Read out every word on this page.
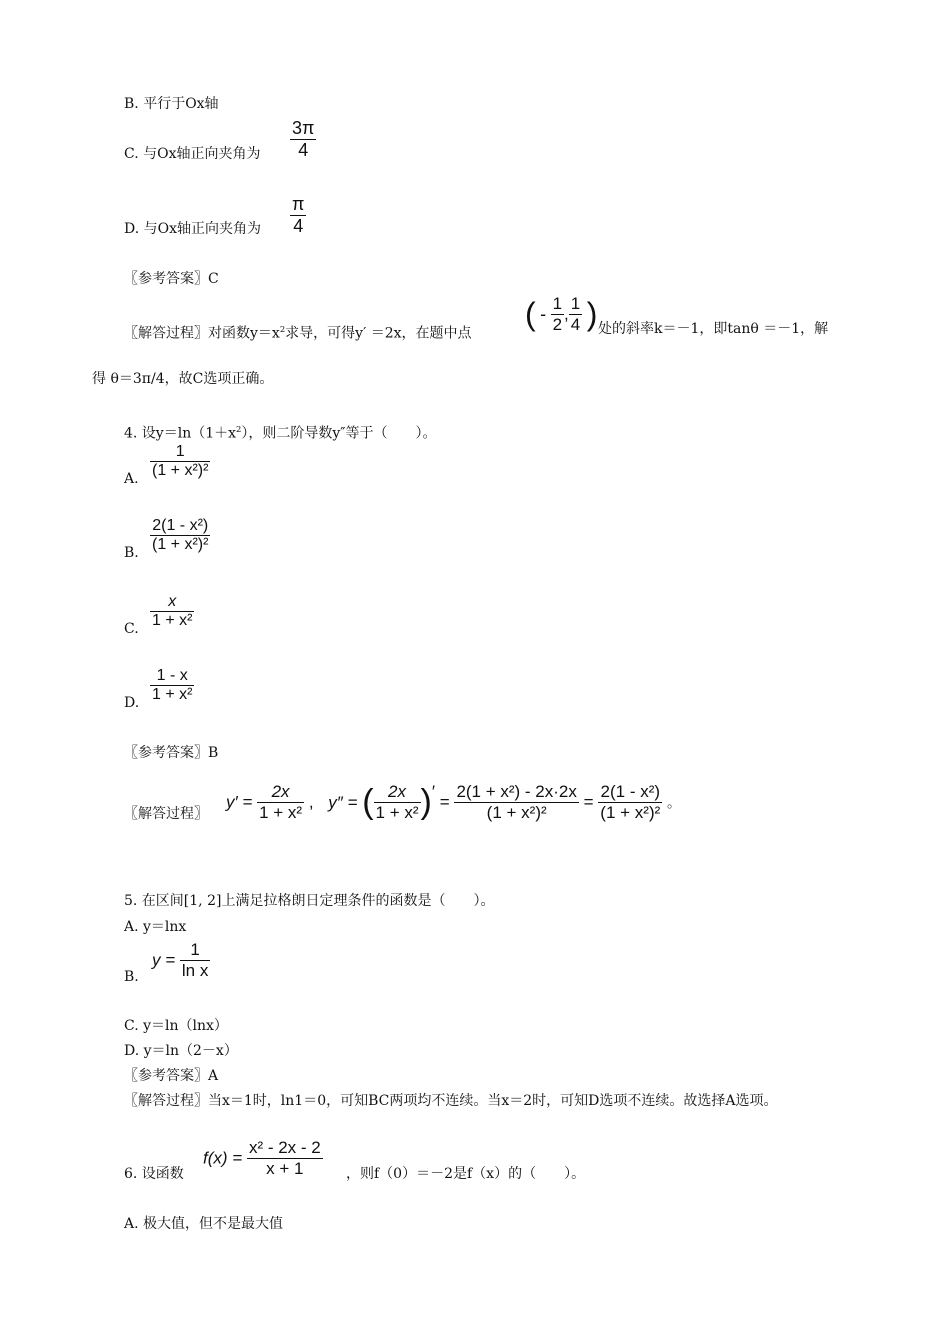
B. 平行于Ox轴
C. 与Ox轴正向夹角为 $\frac{3\pi}{4}$
D. 与Ox轴正向夹角为 $\frac{\pi}{4}$
〖参考答案〗C
〖解答过程〗对函数$y=x^2$求导，可得y′ ＝2x，在题中点
( - $\frac{1}{2}$ , $\frac{1}{4}$ ) 处的斜率k＝－1，即tanθ ＝－1，解
得 θ＝3π/4，故C选项正确。
4. 设$y=\ln(1+x^2)$，则二阶导数y″等于（　　）。
A. $\frac{1}{\text{(1 + x²)²}}$
B. $\frac{\text{2(1 - x²)}}{\text{(1 + x²)²}}$
C. $\frac{x}{\text{1 + x²}}$
D. $\frac{1 - x}{\text{1 + x²}}$
〖参考答案〗B
〖解答过程〗
$y' = \frac{2x}{\text{1 + x²}}$ , y″ = ( $\frac{2x}{\text{1 + x²}}$ )′ = $\frac{\text{2(1 + x²) - 2x·2x}}{\text{(1 + x²)²}} = \frac{\text{2(1 - x²)}}{\text{(1 + x²)²}}$ 。
5. 在区间[1, 2]上满足拉格朗日定理条件的函数是（　　）。
A. y＝lnx
B.
$y = \frac{1}{\text{ln x}}$
C. y＝ln（lnx）
D. y＝ln（2－x）
〖参考答案〗A
〖解答过程〗当x＝1时，ln1＝0，可知BC两项均不连续。当x＝2时，可知D选项不连续。故选择A选项。
6. 设函数
$f(x) = \frac{\text{x² - 2x - 2}}{x + 1}$ ，则f（0）＝－2是f（x）的（　　）。
A. 极大值，但不是最大值
